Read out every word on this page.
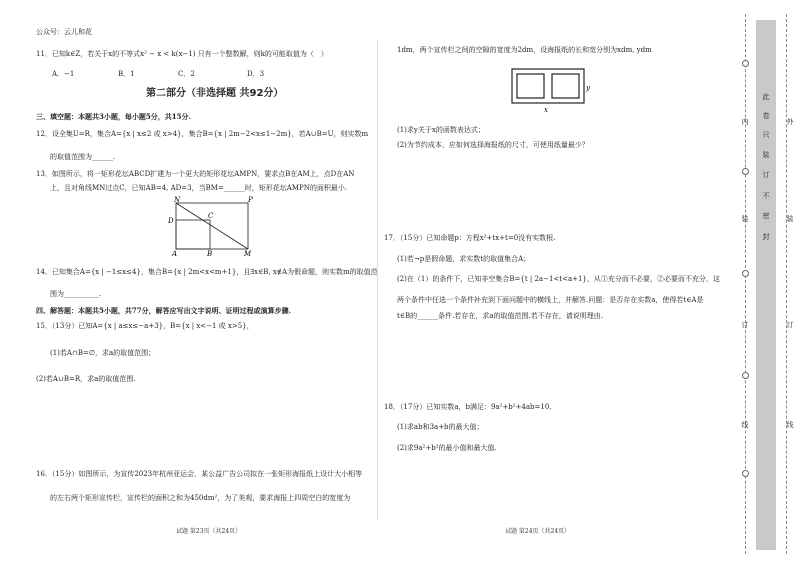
公众号：云儿和花
11．已知k∈Z，若关于x的不等式x² − x < k(x−1) 只有一个整数解，则k的可能取值为（　）
A．−1	B．1	C．2	D．3
第二部分（非选择题 共92分）
三、填空题：本题共3小题，每小题5分，共15分.
12．设全集U=R，集合A={x | x≤2 或 x>4}，集合B={x | 2m−2<x≤1−2m}，若A∪B=U，则实数m
的取值范围为______.
13．如图所示，将一矩形花坛ABCD扩建为一个更大的矩形花坛AMPN，要求点B在AM上，点D在AN
上，且对角线MN过点C，已知AB=4, AD=3，当BM=______时，矩形花坛AMPN的面积最小.
N	P
D
C
A	B	M
14．已知集合A={x | −1≤x≤4}，集合B={x | 2m<x<m+1}，且∃x∈B, x∉A为假命题，则实数m的取值范
围为__________.
四、解答题：本题共5小题，共77分，解答应写出文字说明、证明过程或演算步骤.
15．（13分）已知A={x | a≤x≤−a+3}，B={x | x<−1 或 x>5}，
(1)若A∩B=∅，求a的取值范围；
(2)若A∪B=R，求a的取值范围.
16．（15分）如图所示，为宣传2023年杭州亚运会，某公益广告公司拟在一张矩形海报纸上设计大小相等
的左右两个矩形宣传栏，宣传栏的面积之和为450dm²，为了美观，要求海报上四周空白的宽度为
试题 第23页（共24页）
1dm，两个宣传栏之间的空隙的宽度为2dm，设海报纸的长和宽分别为xdm, ydm
y
x
(1)求y关于x的函数表达式；
(2)为节约成本，应如何选择海报纸的尺寸，可使用纸量最少？
17．（15分）已知命题p：方程x²+tx+t=0没有实数根.
(1)若¬p是假命题，求实数t的取值集合A；
(2)在（1）的条件下，已知非空集合B={t | 2a−1<t<a+1}，从①充分而不必要，②必要而不充分，这
两个条件中任选一个条件补充到下面问题中的横线上，并解答.问题：是否存在实数a，使得若t∈A是
t∈B的______条件.若存在，求a的取值范围.若不存在，请说明理由.
18．（17分）已知实数a，b满足：9a²+b²+4ab=10.
(1)求ab和3a+b的最大值；
(2)求9a²+b²的最小值和最大值.
试题 第24页（共24页）
此
卷
只
装
订
不
密
封
内
装
订
线
外
装
订
线
